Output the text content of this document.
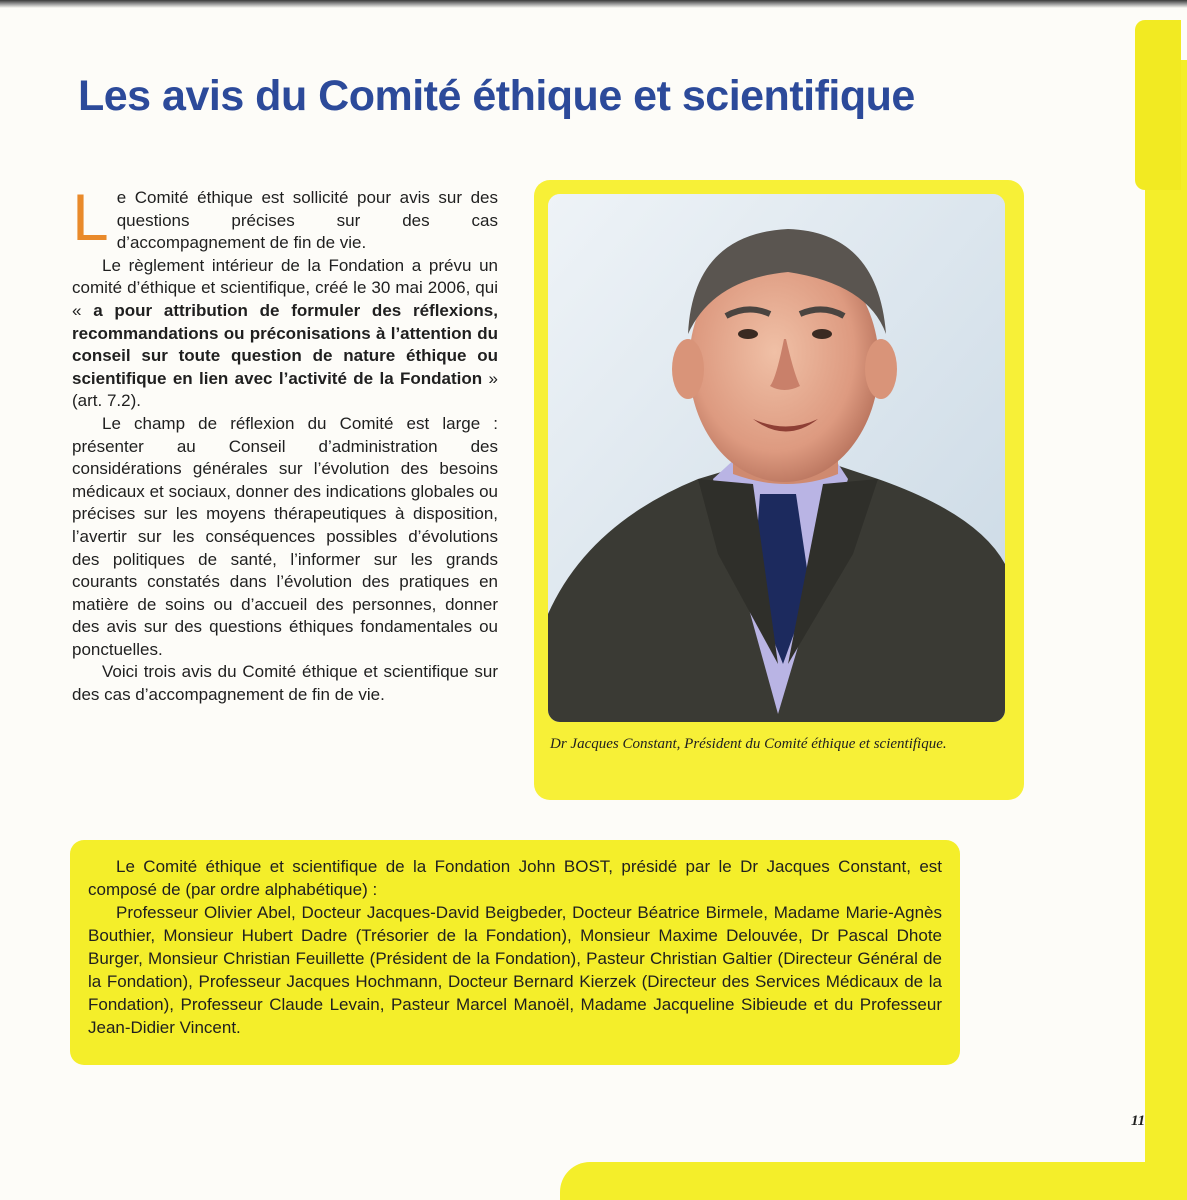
Les avis du Comité éthique et scientifique

Le Comité éthique est sollicité pour avis sur des questions précises sur des cas d’accompagnement de fin de vie.

Le règlement intérieur de la Fondation a prévu un comité d’éthique et scientifique, créé le 30 mai 2006, qui « a pour attribution de formuler des réflexions, recommandations ou préconisations à l’attention du conseil sur toute question de nature éthique ou scientifique en lien avec l’activité de la Fondation » (art. 7.2).

Le champ de réflexion du Comité est large : présenter au Conseil d’administration des considérations générales sur l’évolution des besoins médicaux et sociaux, donner des indications globales ou précises sur les moyens thérapeutiques à disposition, l’avertir sur les conséquences possibles d’évolutions des politiques de santé, l’informer sur les grands courants constatés dans l’évolution des pratiques en matière de soins ou d’accueil des personnes, donner des avis sur des questions éthiques fondamentales ou ponctuelles.

Voici trois avis du Comité éthique et scientifique sur des cas d’accompagnement de fin de vie.

Dr Jacques Constant, Président du Comité éthique et scientifique.

Le Comité éthique et scientifique de la Fondation John BOST, présidé par le Dr Jacques Constant, est composé de (par ordre alphabétique) :

Professeur Olivier Abel, Docteur Jacques-David Beigbeder, Docteur Béatrice Birmele, Madame Marie-Agnès Bouthier, Monsieur Hubert Dadre (Trésorier de la Fondation), Monsieur Maxime Delouvée, Dr Pascal Dhote Burger, Monsieur Christian Feuillette (Président de la Fondation), Pasteur Christian Galtier (Directeur Général de la Fondation), Professeur Jacques Hochmann, Docteur Bernard Kierzek (Directeur des Services Médicaux de la Fondation), Professeur Claude Levain, Pasteur Marcel Manoël, Madame Jacqueline Sibieude et du Professeur Jean-Didier Vincent.

11
